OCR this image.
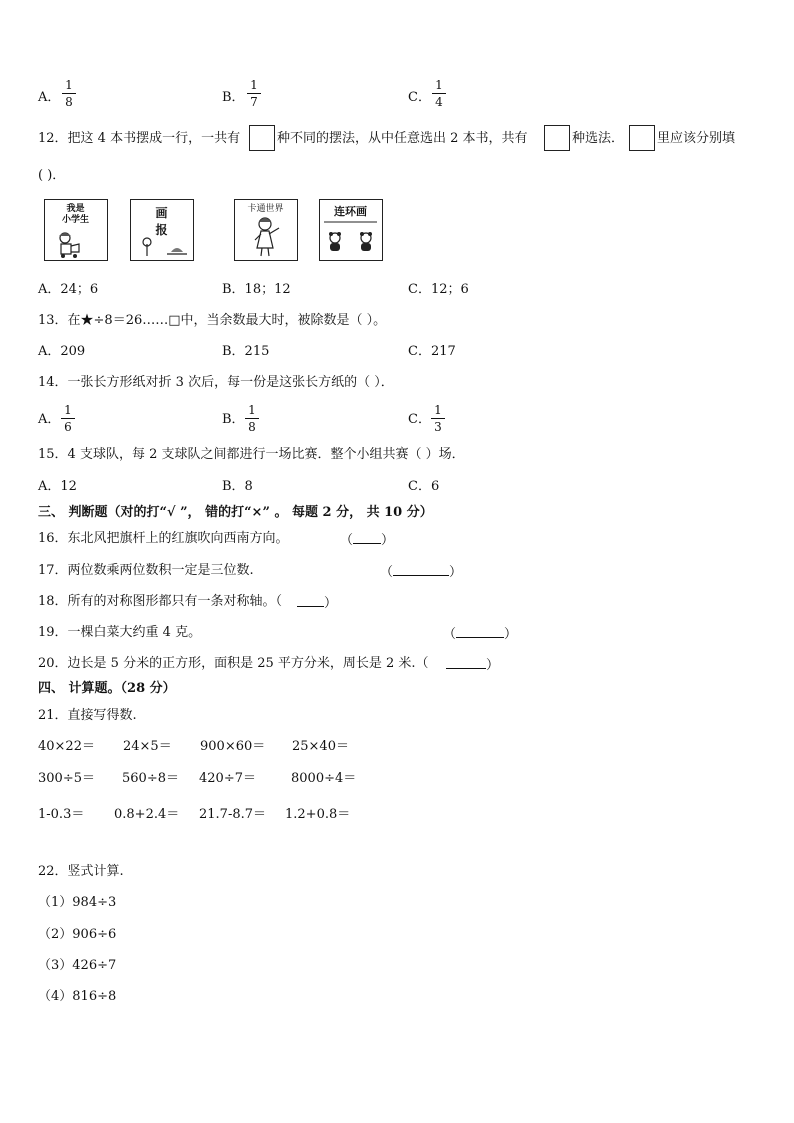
A．
1
8	B．
1
7	C．
1
4
12．把这 4 本书摆成一行，一共有	种不同的摆法，从中任意选出 2 本书，共有	种选法．	里应该分别填
( )．
我是
小学生	画
报
卡通世界	连环画
A．24；6	B．18；12	C．12；6
13．在★÷8＝26……□中，当余数最大时，被除数是（ ）。
A．209	B．215	C．217
14．一张长方形纸对折 3 次后，每一份是这张长方纸的（ ）．
A．
1
6	B．
1
8	C．
1
3
15．4 支球队，每 2 支球队之间都进行一场比赛．整个小组共赛（ ）场．
A．12	B．8	C．6
三、 判断题（对的打“√ ”， 错的打“×” 。 每题 2 分， 共 10 分）
16．东北风把旗杆上的红旗吹向西南方向。	（ ）
17．两位数乘两位数积一定是三位数.	（	）
18．所有的对称图形都只有一条对称轴。（	）
19．一棵白菜大约重 4 克。	（	）
20．边长是 5 分米的正方形，面积是 25 平方分米，周长是 2 米.（	）
四、 计算题。（28 分）
21．直接写得数.
40×22＝ 24×5＝ 900×60＝ 25×40＝
300÷5＝ 560÷8＝ 420÷7＝	8000÷4＝
1-0.3＝ 0.8+2.4＝ 21.7-8.7＝ 1.2+0.8＝
22．竖式计算.
（1）984÷3
（2）906÷6
（3）426÷7
（4）816÷8
